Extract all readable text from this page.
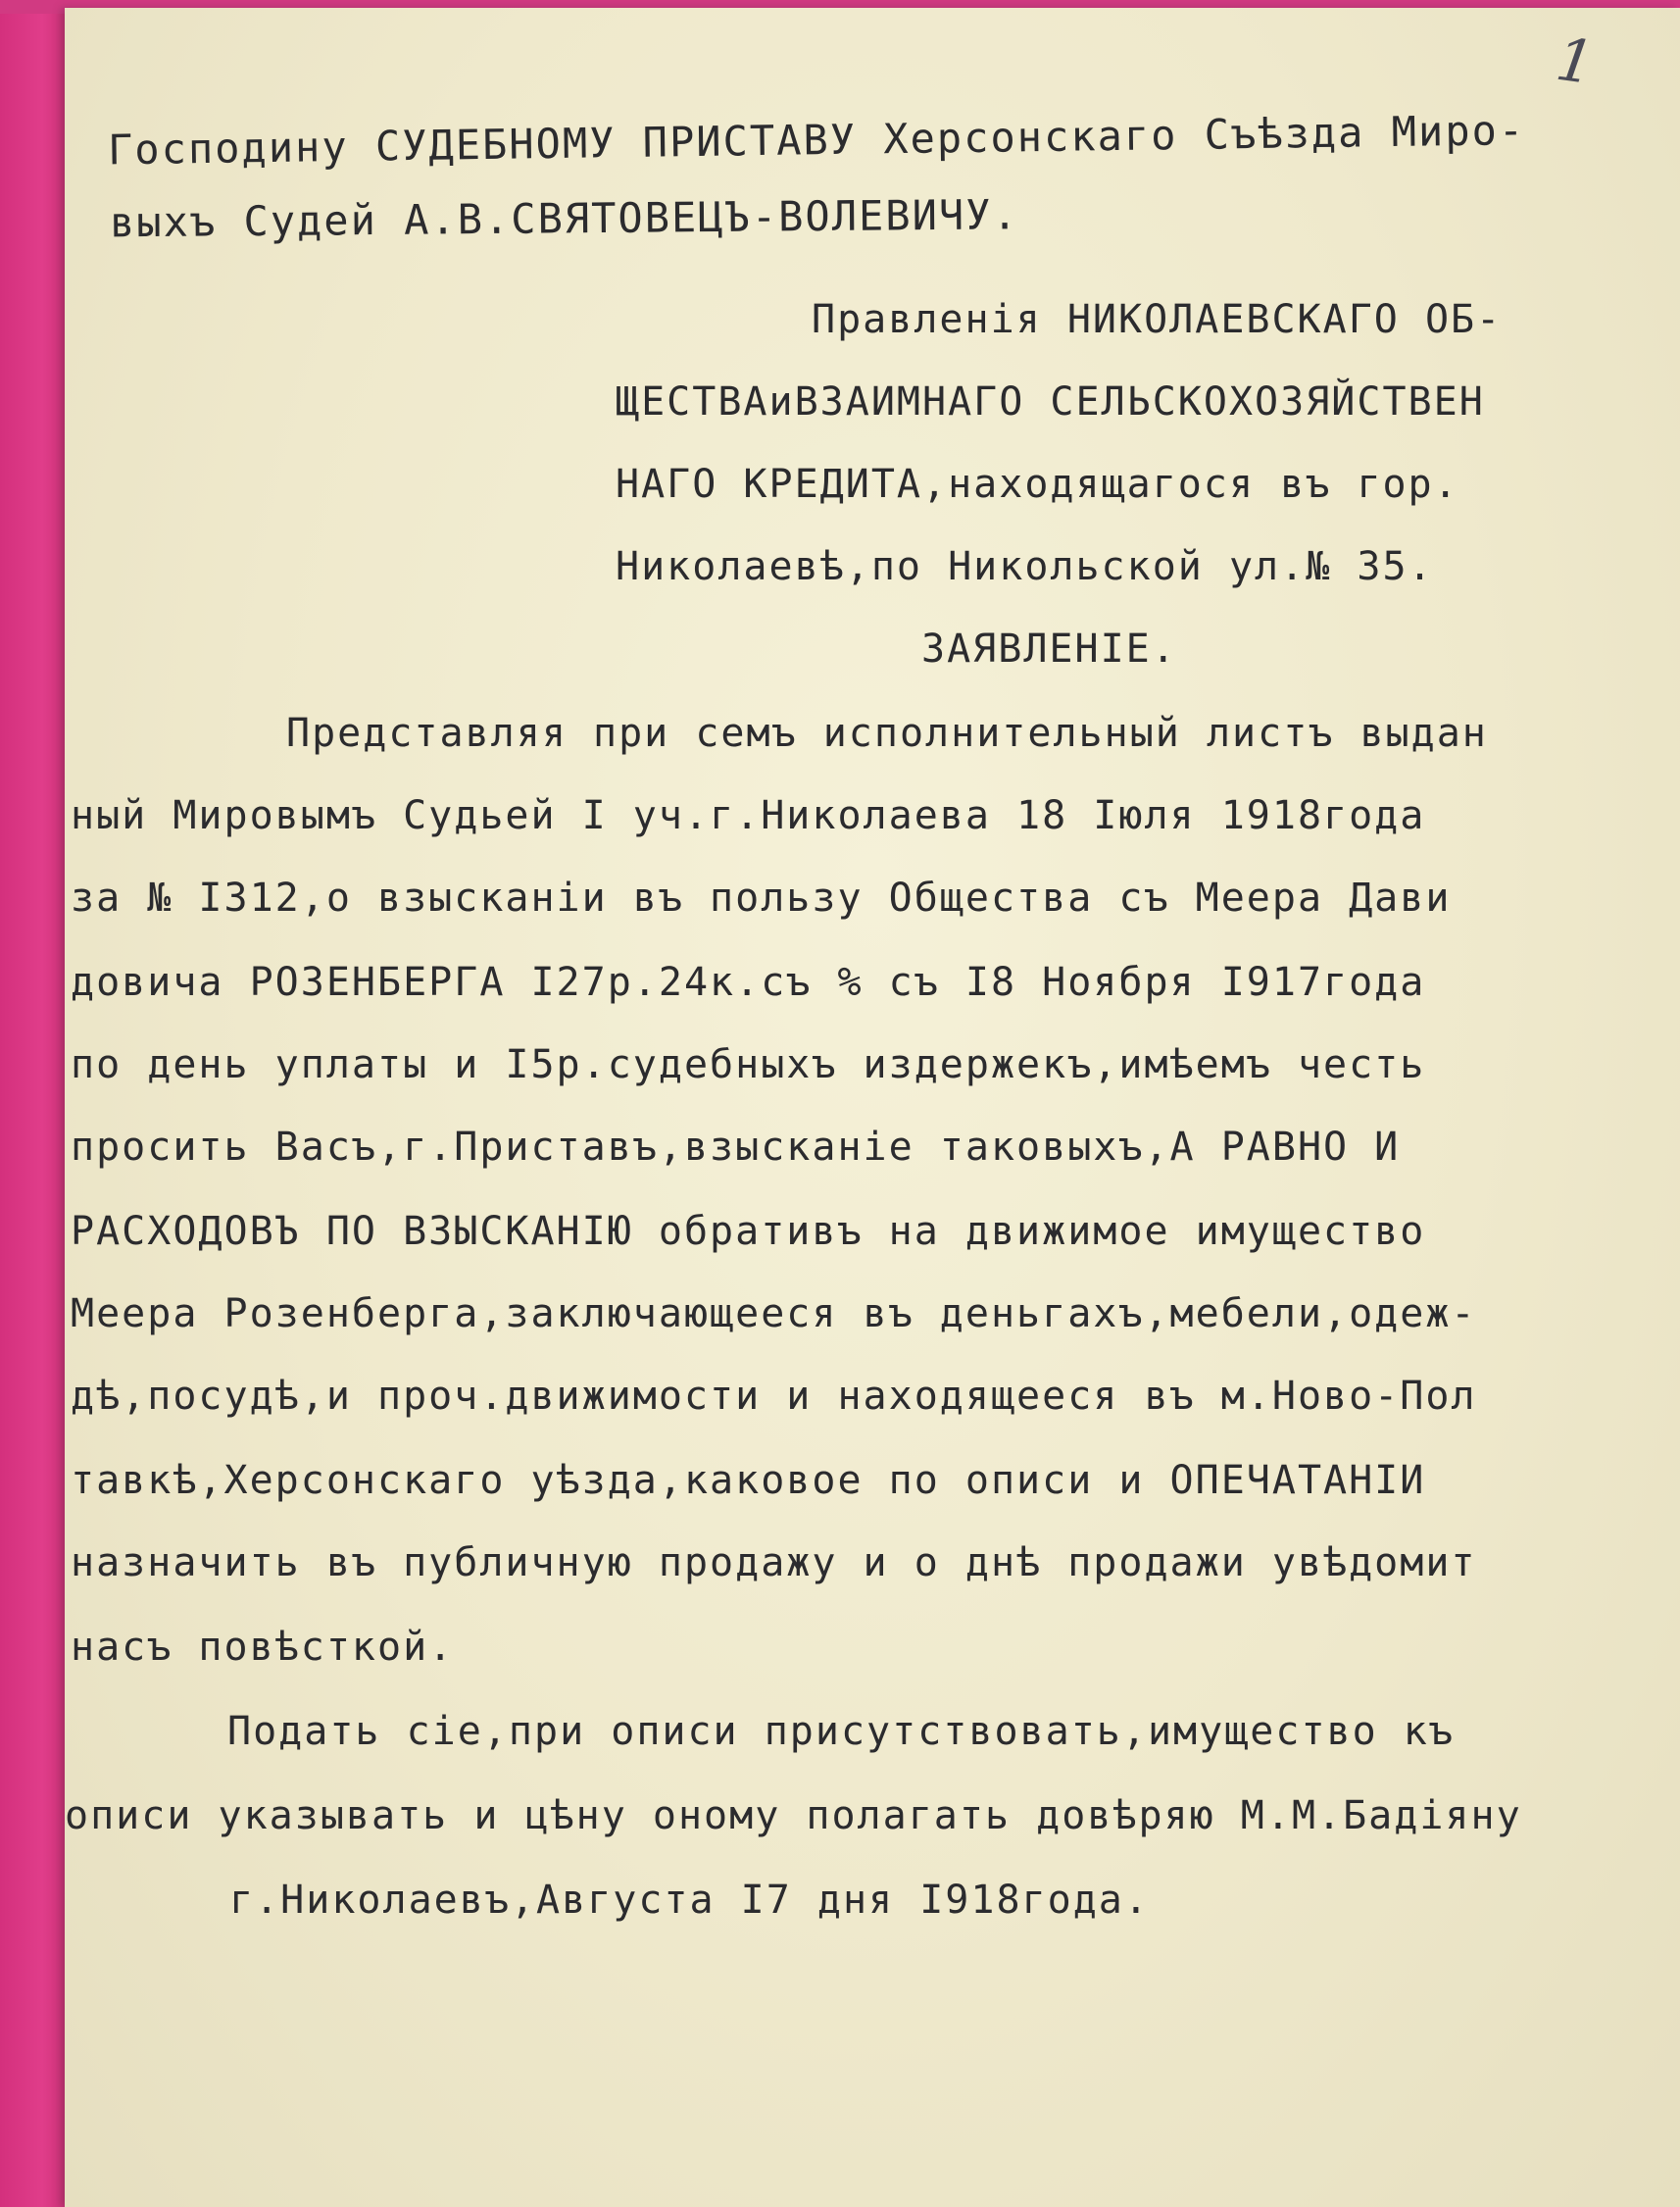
1
Господину СУДЕБНОМУ ПРИСТАВУ Херсонскаго Съѣзда Миро-
выхъ Судей А.В.СВЯТОВЕЦЪ-ВОЛЕВИЧУ.
Правленія НИКОЛАЕВСКАГО ОБ-
ЩЕСТВАиВЗАИМНАГО СЕЛЬСКОХОЗЯЙСТВЕН
НАГО КРЕДИТА,находящагося въ гор.
Николаевѣ,по Никольской ул.№ 35.
ЗАЯВЛЕНІЕ.
Представляя при семъ исполнительный листъ выдан
ный Мировымъ Судьей I уч.г.Николаева 18 Іюля 1918года
за № I312,о взысканіи въ пользу Общества съ Меера Дави
довича РОЗЕНБЕРГА I27р.24к.съ % съ I8 Ноября I917года
по день уплаты и I5р.судебныхъ издержекъ,имѣемъ честь
просить Васъ,г.Приставъ,взысканіе таковыхъ,А РАВНО И
РАСХОДОВЪ ПО ВЗЫСКАНІЮ обративъ на движимое имущество
Меера Розенберга,заключающееся въ деньгахъ,мебели,одеж-
дѣ,посудѣ,и проч.движимости и находящееся въ м.Ново-Пол
тавкѣ,Херсонскаго уѣзда,каковое по описи и ОПЕЧАТАНІИ
назначить въ публичную продажу и о днѣ продажи увѣдомит
насъ повѣсткой.
Подать сіе,при описи присутствовать,имущество къ
описи указывать и цѣну оному полагать довѣряю М.М.Бадіяну
г.Николаевъ,Августа I7 дня I918года.
